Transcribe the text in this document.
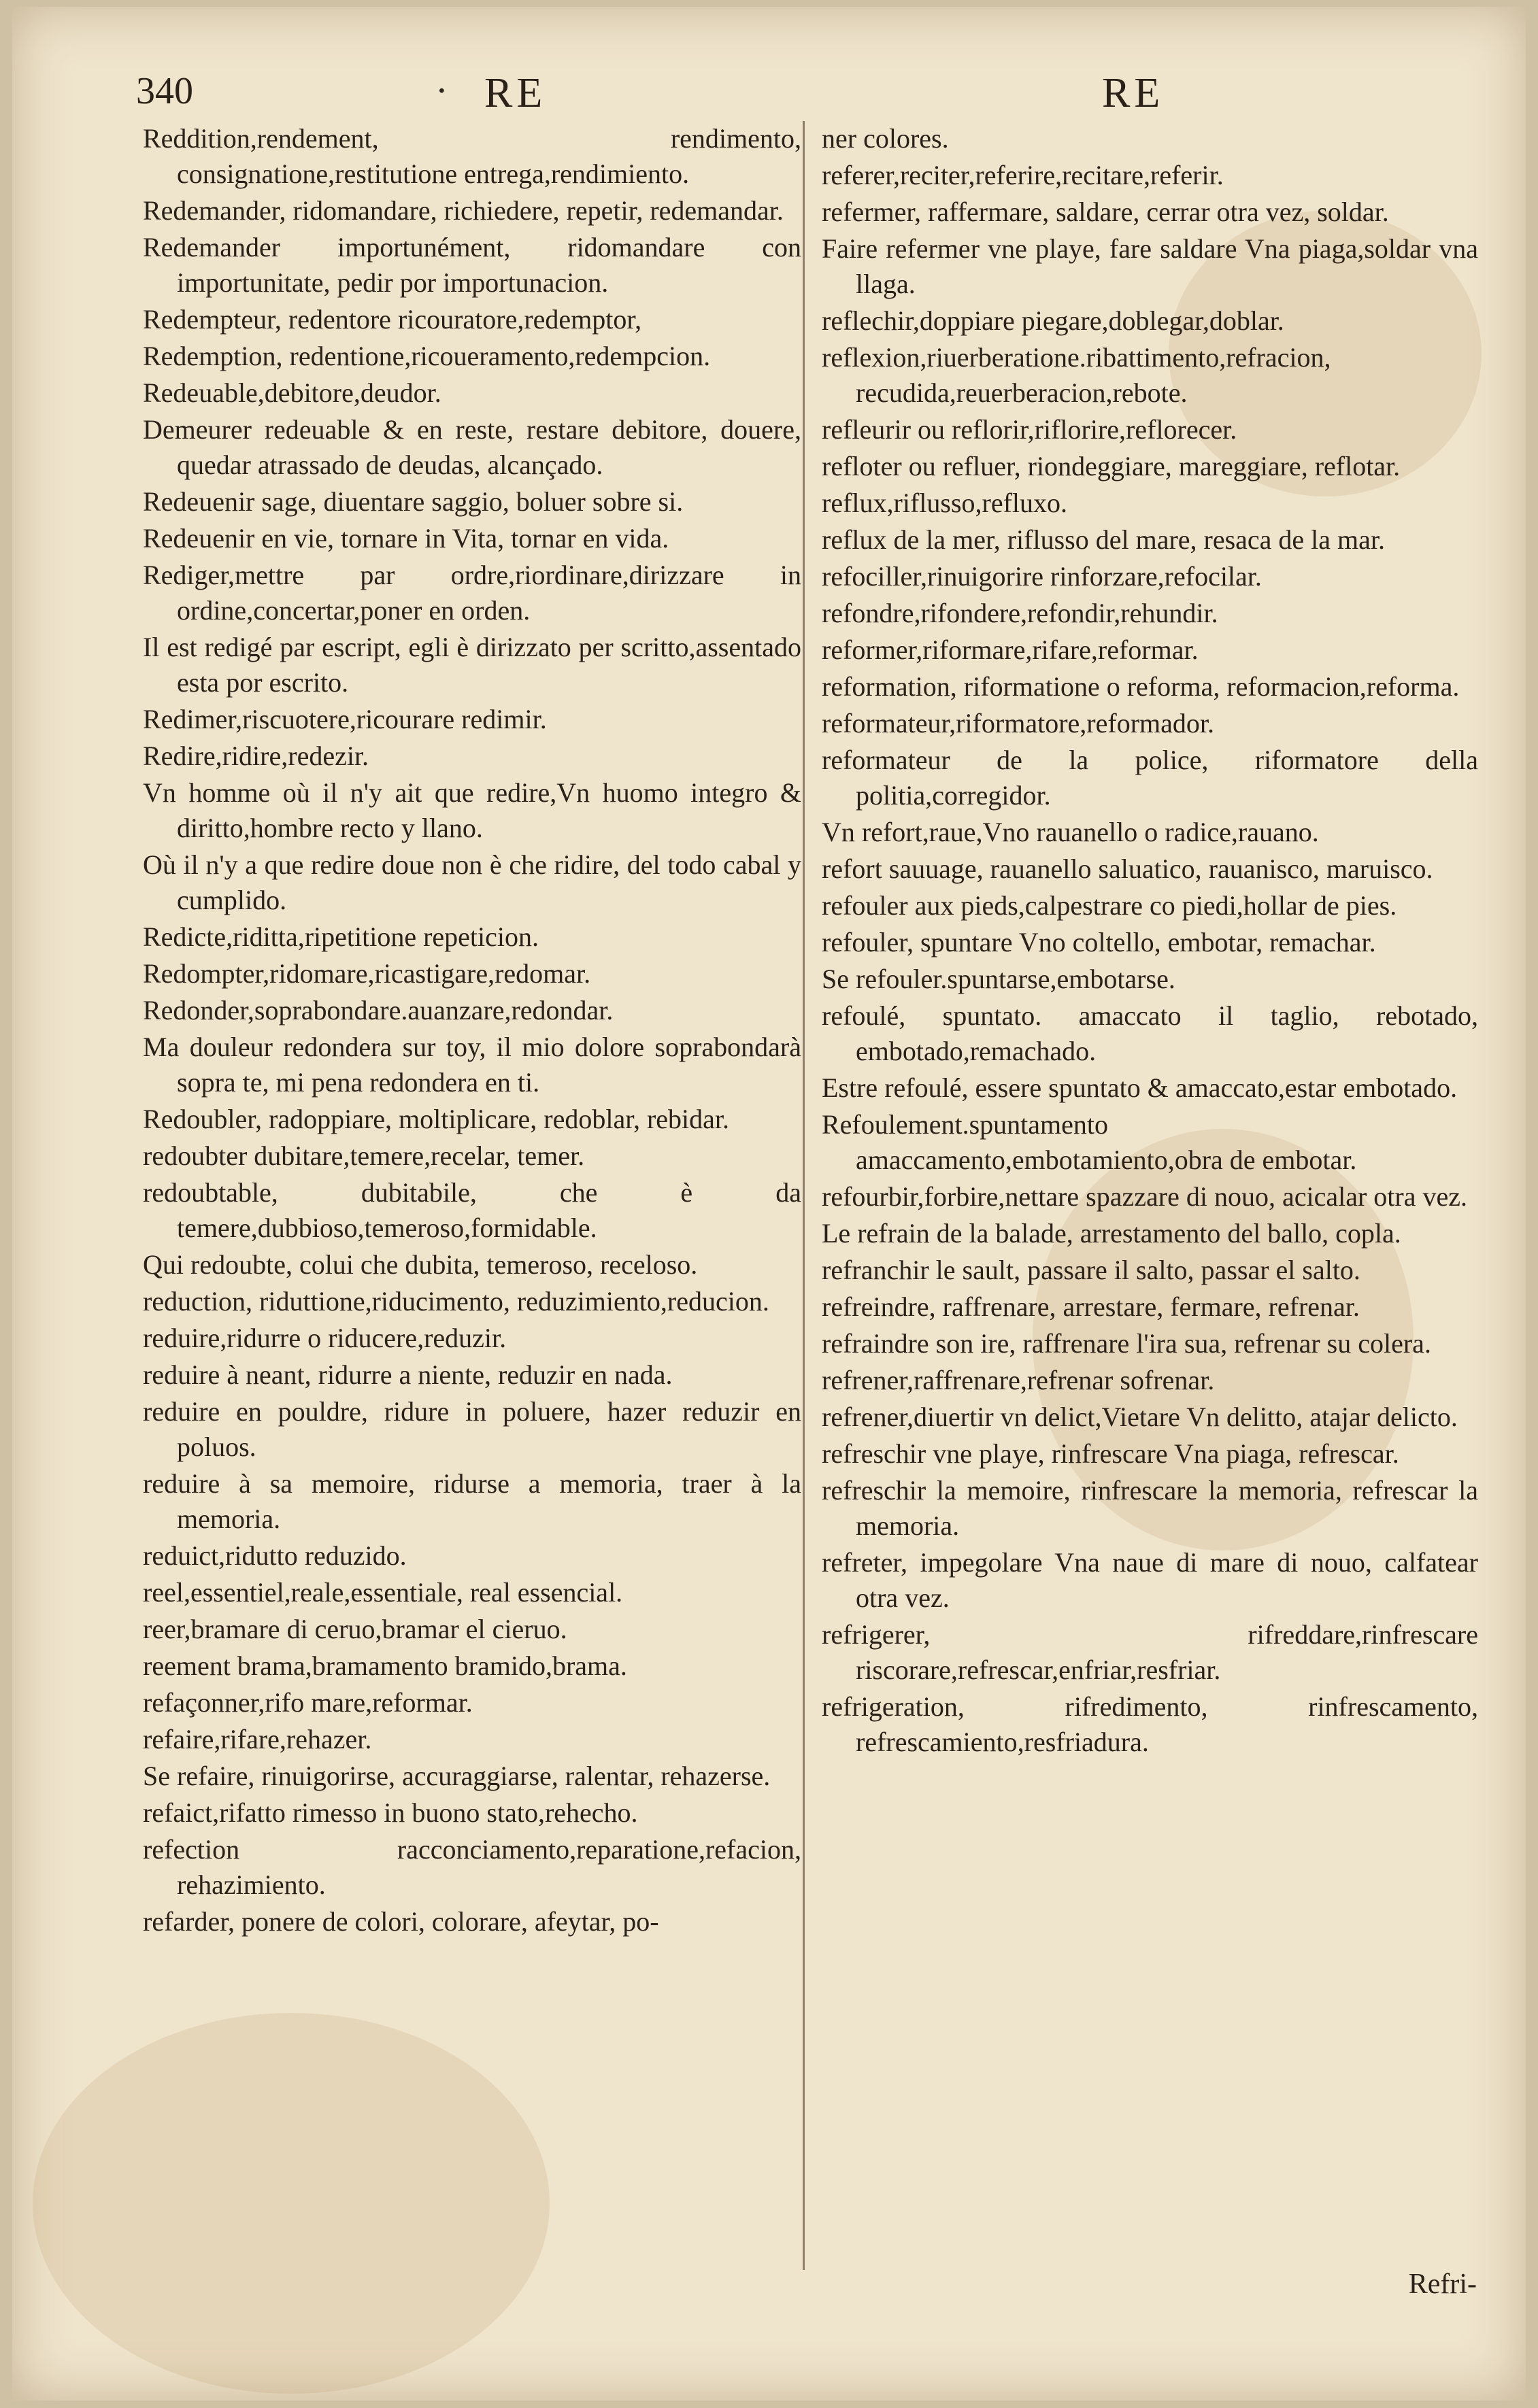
340	· RE	RE

Reddition,rendement, rendimento, consignatione,restitutione entrega,rendimiento.

Redemander, ridomandare, richiedere, repetir, redemandar.

Redemander importunément, ridomandare con importunitate, pedir por importunacion.

Redempteur, redentore ricouratore,redemptor,

Redemption, redentione,ricoueramento,redempcion.

Redeuable,debitore,deudor.

Demeurer redeuable & en reste, restare debitore, douere, quedar atrassado de deudas, alcançado.

Redeuenir sage, diuentare saggio, boluer sobre si.

Redeuenir en vie, tornare in Vita, tornar en vida.

Rediger,mettre par ordre,riordinare,dirizzare in ordine,concertar,poner en orden.

Il est redigé par escript, egli è dirizzato per scritto,assentado esta por escrito.

Redimer,riscuotere,ricourare redimir.

Redire,ridire,redezir.

Vn homme où il n'y ait que redire,Vn huomo integro & diritto,hombre recto y llano.

Où il n'y a que redire doue non è che ridire, del todo cabal y cumplido.

Redicte,riditta,ripetitione repeticion.

Redompter,ridomare,ricastigare,redomar.

Redonder,soprabondare.auanzare,redondar.

Ma douleur redondera sur toy, il mio dolore soprabondarà sopra te, mi pena redondera en ti.

Redoubler, radoppiare, moltiplicare, redoblar, rebidar.

redoubter dubitare,temere,recelar, temer.

redoubtable, dubitabile, che è da temere,dubbioso,temeroso,formidable.

Qui redoubte, colui che dubita, temeroso, receloso.

reduction, riduttione,riducimento, reduzimiento,reducion.

reduire,ridurre o riducere,reduzir.

reduire à neant, ridurre a niente, reduzir en nada.

reduire en pouldre, ridure in poluere, hazer reduzir en poluos.

reduire à sa memoire, ridurse a memoria, traer à la memoria.

reduict,ridutto reduzido.

reel,essentiel,reale,essentiale, real essencial.

reer,bramare di ceruo,bramar el cieruo.

reement brama,bramamento bramido,brama.

refaçonner,rifo mare,reformar.

refaire,rifare,rehazer.

Se refaire, rinuigorirse, accuraggiarse, ralentar, rehazerse.

refaict,rifatto rimesso in buono stato,rehecho.

refection racconciamento,reparatione,refacion, rehazimiento.

refarder, ponere de colori, colorare, afeytar, po-

ner colores.

referer,reciter,referire,recitare,referir.

refermer, raffermare, saldare, cerrar otra vez, soldar.

Faire refermer vne playe, fare saldare Vna piaga,soldar vna llaga.

reflechir,doppiare piegare,doblegar,doblar.

reflexion,riuerberatione.ribattimento,refracion, recudida,reuerberacion,rebote.

refleurir ou reflorir,riflorire,reflorecer.

refloter ou refluer, riondeggiare, mareggiare, reflotar.

reflux,riflusso,refluxo.

reflux de la mer, riflusso del mare, resaca de la mar.

refociller,rinuigorire rinforzare,refocilar.

refondre,rifondere,refondir,rehundir.

reformer,riformare,rifare,reformar.

reformation, riformatione o reforma, reformacion,reforma.

reformateur,riformatore,reformador.

reformateur de la police, riformatore della politia,corregidor.

Vn refort,raue,Vno rauanello o radice,rauano.

refort sauuage, rauanello saluatico, rauanisco, maruisco.

refouler aux pieds,calpestrare co piedi,hollar de pies.

refouler, spuntare Vno coltello, embotar, remachar.

Se refouler.spuntarse,embotarse.

refoulé, spuntato. amaccato il taglio, rebotado, embotado,remachado.

Estre refoulé, essere spuntato & amaccato,estar embotado.

Refoulement.spuntamento amaccamento,embotamiento,obra de embotar.

refourbir,forbire,nettare spazzare di nouo, acicalar otra vez.

Le refrain de la balade, arrestamento del ballo, copla.

refranchir le sault, passare il salto, passar el salto.

refreindre, raffrenare, arrestare, fermare, refrenar.

refraindre son ire, raffrenare l'ira sua, refrenar su colera.

refrener,raffrenare,refrenar sofrenar.

refrener,diuertir vn delict,Vietare Vn delitto, atajar delicto.

refreschir vne playe, rinfrescare Vna piaga, refrescar.

refreschir la memoire, rinfrescare la memoria, refrescar la memoria.

refreter, impegolare Vna naue di mare di nouo, calfatear otra vez.

refrigerer, rifreddare,rinfrescare riscorare,refrescar,enfriar,resfriar.

refrigeration, rifredimento, rinfrescamento, refrescamiento,resfriadura.

Refri-
